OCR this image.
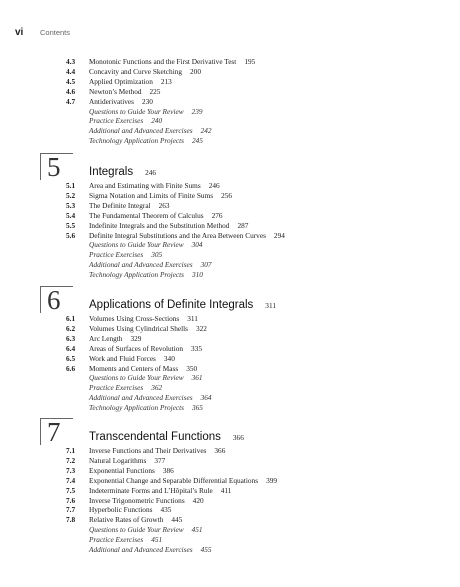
vi Contents
4.3	Monotonic Functions and the First Derivative Test 195
4.4	Concavity and Curve Sketching 200
4.5	Applied Optimization 213
4.6	Newton’s Method 225
4.7	Antiderivatives 230
Questions to Guide Your Review 239
Practice Exercises 240
Additional and Advanced Exercises 242
Technology Application Projects 245
5 Integrals 246
5.1	Area and Estimating with Finite Sums 246
5.2	Sigma Notation and Limits of Finite Sums 256
5.3	The Definite Integral 263
5.4	The Fundamental Theorem of Calculus 276
5.5	Indefinite Integrals and the Substitution Method 287
5.6	Definite Integral Substitutions and the Area Between Curves 294
Questions to Guide Your Review 304
Practice Exercises 305
Additional and Advanced Exercises 307
Technology Application Projects 310
6 Applications of Definite Integrals 311
6.1	Volumes Using Cross-Sections 311
6.2	Volumes Using Cylindrical Shells 322
6.3	Arc Length 329
6.4	Areas of Surfaces of Revolution 335
6.5	Work and Fluid Forces 340
6.6	Moments and Centers of Mass 350
Questions to Guide Your Review 361
Practice Exercises 362
Additional and Advanced Exercises 364
Technology Application Projects 365
7 Transcendental Functions 366
7.1	Inverse Functions and Their Derivatives 366
7.2	Natural Logarithms 377
7.3	Exponential Functions 386
7.4	Exponential Change and Separable Differential Equations 399
7.5	Indeterminate Forms and L’Hôpital’s Rule 411
7.6	Inverse Trigonometric Functions 420
7.7	Hyperbolic Functions 435
7.8	Relative Rates of Growth 445
Questions to Guide Your Review 451
Practice Exercises 451
Additional and Advanced Exercises 455
